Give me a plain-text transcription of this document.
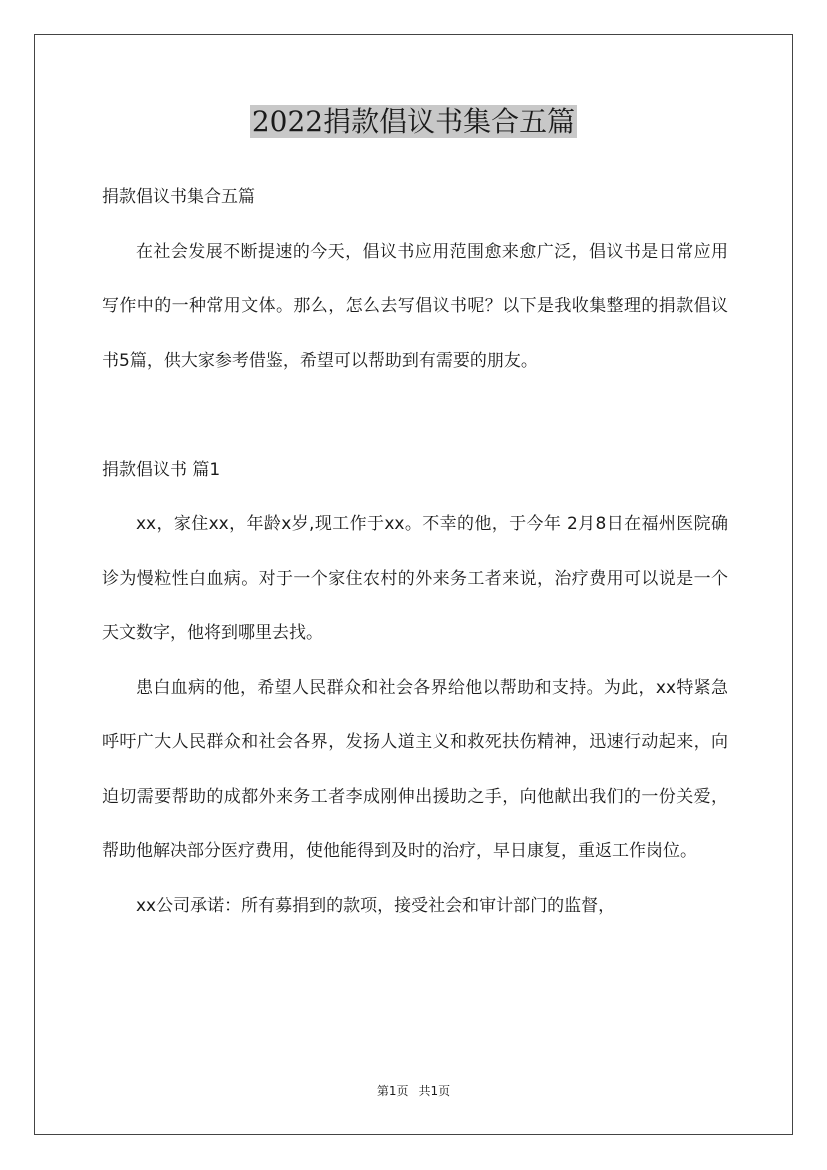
2022捐款倡议书集合五篇

捐款倡议书集合五篇

在社会发展不断提速的今天，倡议书应用范围愈来愈广泛，倡议书是日常应用写作中的一种常用文体。那么，怎么去写倡议书呢？以下是我收集整理的捐款倡议书5篇，供大家参考借鉴，希望可以帮助到有需要的朋友。

捐款倡议书 篇1

xx，家住xx，年龄x岁,现工作于xx。不幸的他，于今年 2月8日在福州医院确诊为慢粒性白血病。对于一个家住农村的外来务工者来说，治疗费用可以说是一个天文数字，他将到哪里去找。

患白血病的他，希望人民群众和社会各界给他以帮助和支持。为此，xx特紧急呼吁广大人民群众和社会各界，发扬人道主义和救死扶伤精神，迅速行动起来，向迫切需要帮助的成都外来务工者李成刚伸出援助之手，向他献出我们的一份关爱，帮助他解决部分医疗费用，使他能得到及时的治疗，早日康复，重返工作岗位。

xx公司承诺：所有募捐到的款项，接受社会和审计部门的监督，

第1页 共1页
